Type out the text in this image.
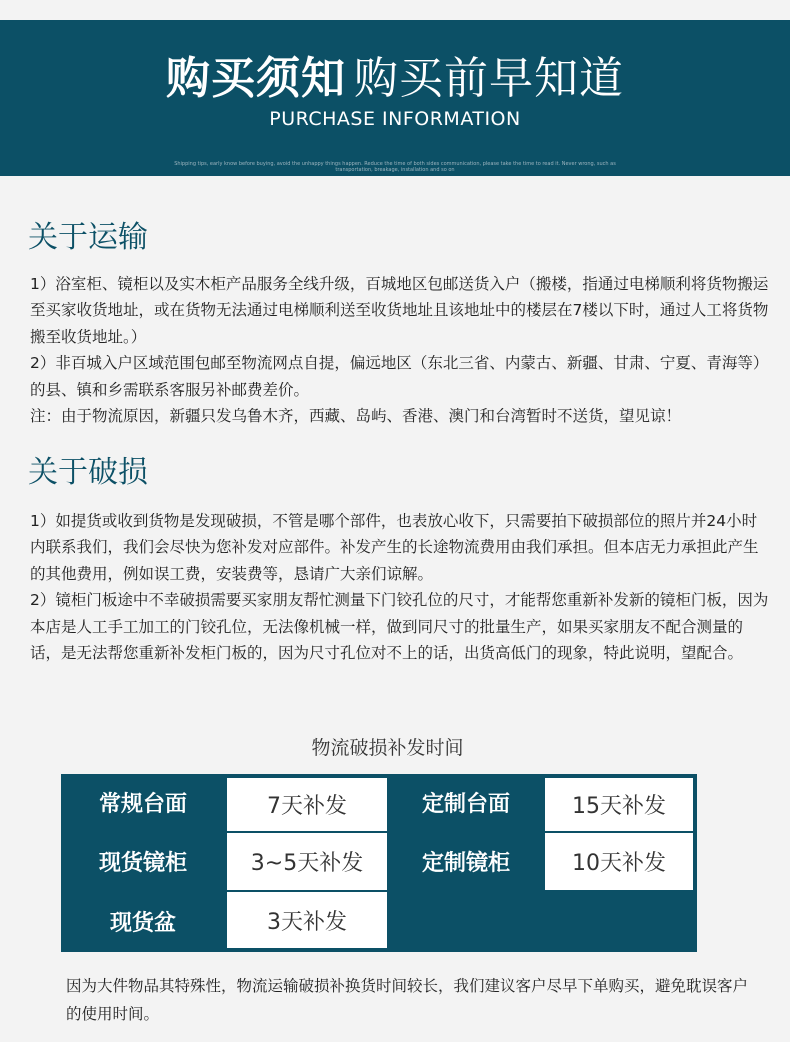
购买须知 购买前早知道
PURCHASE INFORMATION
Shipping tips, early know before buying, avoid the unhappy things happen. Reduce the time of both sides communication, please take the time to read it. Never wrong, such as transportation, breakage, installation and so on
关于运输

1）浴室柜、镜柜以及实木柜产品服务全线升级，百城地区包邮送货入户（搬楼，指通过电梯顺利将货物搬运至买家收货地址，或在货物无法通过电梯顺利送至收货地址且该地址中的楼层在7楼以下时，通过人工将货物搬至收货地址。）

2）非百城入户区域范围包邮至物流网点自提，偏远地区（东北三省、内蒙古、新疆、甘肃、宁夏、青海等）的县、镇和乡需联系客服另补邮费差价。

注：由于物流原因，新疆只发乌鲁木齐，西藏、岛屿、香港、澳门和台湾暂时不送货，望见谅！

关于破损

1）如提货或收到货物是发现破损，不管是哪个部件，也表放心收下，只需要拍下破损部位的照片并24小时内联系我们，我们会尽快为您补发对应部件。补发产生的长途物流费用由我们承担。但本店无力承担此产生的其他费用，例如误工费，安装费等，恳请广大亲们谅解。

2）镜柜门板途中不幸破损需要买家朋友帮忙测量下门铰孔位的尺寸，才能帮您重新补发新的镜柜门板，因为本店是人工手工加工的门铰孔位，无法像机械一样，做到同尺寸的批量生产，如果买家朋友不配合测量的话，是无法帮您重新补发柜门板的，因为尺寸孔位对不上的话，出货高低门的现象，特此说明，望配合。

物流破损补发时间
常规台面	7天补发	定制台面	15天补发
现货镜柜	3~5天补发	定制镜柜	10天补发
现货盆	3天补发
因为大件物品其特殊性，物流运输破损补换货时间较长，我们建议客户尽早下单购买，避免耽误客户的使用时间。
